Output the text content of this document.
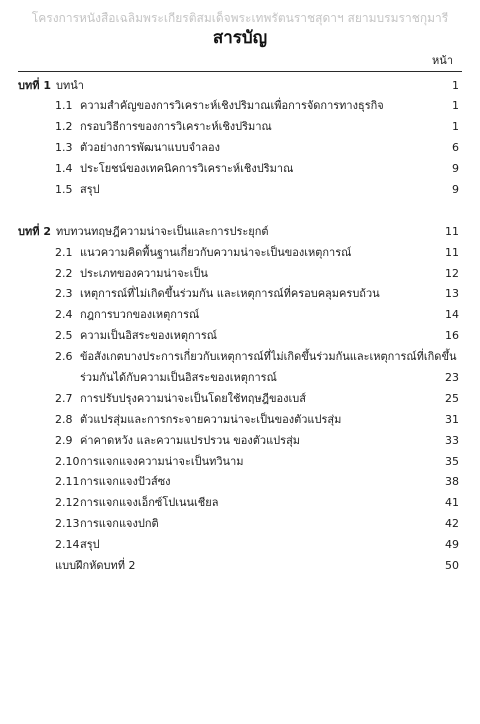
โครงการหนังสือเฉลิมพระเกียรติสมเด็จพระเทพรัตนราชสุดาฯ สยามบรมราชกุมารี
สารบัญ
หน้า
บทที่ 1 บทนำ	1
1.1 ความสำคัญของการวิเคราะห์เชิงปริมาณเพื่อการจัดการทางธุรกิจ	1
1.2 กรอบวิธีการของการวิเคราะห์เชิงปริมาณ	1
1.3 ตัวอย่างการพัฒนาแบบจำลอง	6
1.4 ประโยชน์ของเทคนิคการวิเคราะห์เชิงปริมาณ	9
1.5 สรุป	9
บทที่ 2 ทบทวนทฤษฎีความน่าจะเป็นและการประยุกต์	11
2.1 แนวความคิดพื้นฐานเกี่ยวกับความน่าจะเป็นของเหตุการณ์	11
2.2 ประเภทของความน่าจะเป็น	12
2.3 เหตุการณ์ที่ไม่เกิดขึ้นร่วมกัน และเหตุการณ์ที่ครอบคลุมครบถ้วน	13
2.4 กฎการบวกของเหตุการณ์	14
2.5 ความเป็นอิสระของเหตุการณ์	16
2.6 ข้อสังเกตบางประการเกี่ยวกับเหตุการณ์ที่ไม่เกิดขึ้นร่วมกันและเหตุการณ์ที่เกิดขึ้น
ร่วมกันได้กับความเป็นอิสระของเหตุการณ์	23
2.7 การปรับปรุงความน่าจะเป็นโดยใช้ทฤษฎีของเบส์	25
2.8 ตัวแปรสุ่มและการกระจายความน่าจะเป็นของตัวแปรสุ่ม	31
2.9 ค่าคาดหวัง และความแปรปรวน ของตัวแปรสุ่ม	33
2.10 การแจกแจงความน่าจะเป็นทวินาม	35
2.11 การแจกแจงปัวส์ซง	38
2.12 การแจกแจงเอ็กซ์โปเนนเชียล	41
2.13 การแจกแจงปกติ	42
2.14 สรุป	49
แบบฝึกหัดบทที่ 2	50
